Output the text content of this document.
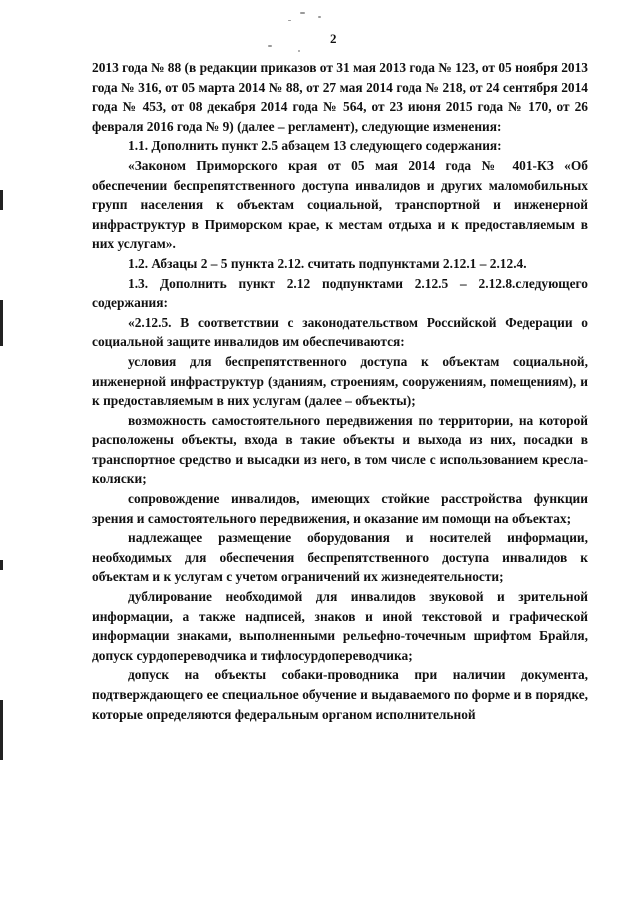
2

2013 года № 88 (в редакции приказов от 31 мая 2013 года № 123, от 05 ноября 2013 года № 316, от 05 марта 2014 № 88, от 27 мая 2014 года № 218, от 24 сентября 2014 года № 453, от 08 декабря 2014 года № 564, от 23 июня 2015 года № 170, от 26 февраля 2016 года № 9) (далее – регламент), следующие изменения:

1.1. Дополнить пункт 2.5 абзацем 13 следующего содержания:

«Законом Приморского края от 05 мая 2014 года № 401-КЗ «Об обеспечении беспрепятственного доступа инвалидов и других маломобильных групп населения к объектам социальной, транспортной и инженерной инфраструктур в Приморском крае, к местам отдыха и к предоставляемым в них услугам».

1.2. Абзацы 2 – 5 пункта 2.12. считать подпунктами 2.12.1 – 2.12.4.

1.3. Дополнить пункт 2.12 подпунктами 2.12.5 – 2.12.8.следующего содержания:

«2.12.5. В соответствии с законодательством Российской Федерации о социальной защите инвалидов им обеспечиваются:

условия для беспрепятственного доступа к объектам социальной, инженерной инфраструктур (зданиям, строениям, сооружениям, помещениям), и к предоставляемым в них услугам (далее – объекты);

возможность самостоятельного передвижения по территории, на которой расположены объекты, входа в такие объекты и выхода из них, посадки в транспортное средство и высадки из него, в том числе с использованием кресла-коляски;

сопровождение инвалидов, имеющих стойкие расстройства функции зрения и самостоятельного передвижения, и оказание им помощи на объектах;

надлежащее размещение оборудования и носителей информации, необходимых для обеспечения беспрепятственного доступа инвалидов к объектам и к услугам с учетом ограничений их жизнедеятельности;

дублирование необходимой для инвалидов звуковой и зрительной информации, а также надписей, знаков и иной текстовой и графической информации знаками, выполненными рельефно-точечным шрифтом Брайля, допуск сурдопереводчика и тифлосурдопереводчика;

допуск на объекты собаки-проводника при наличии документа, подтверждающего ее специальное обучение и выдаваемого по форме и в порядке, которые определяются федеральным органом исполнительной
